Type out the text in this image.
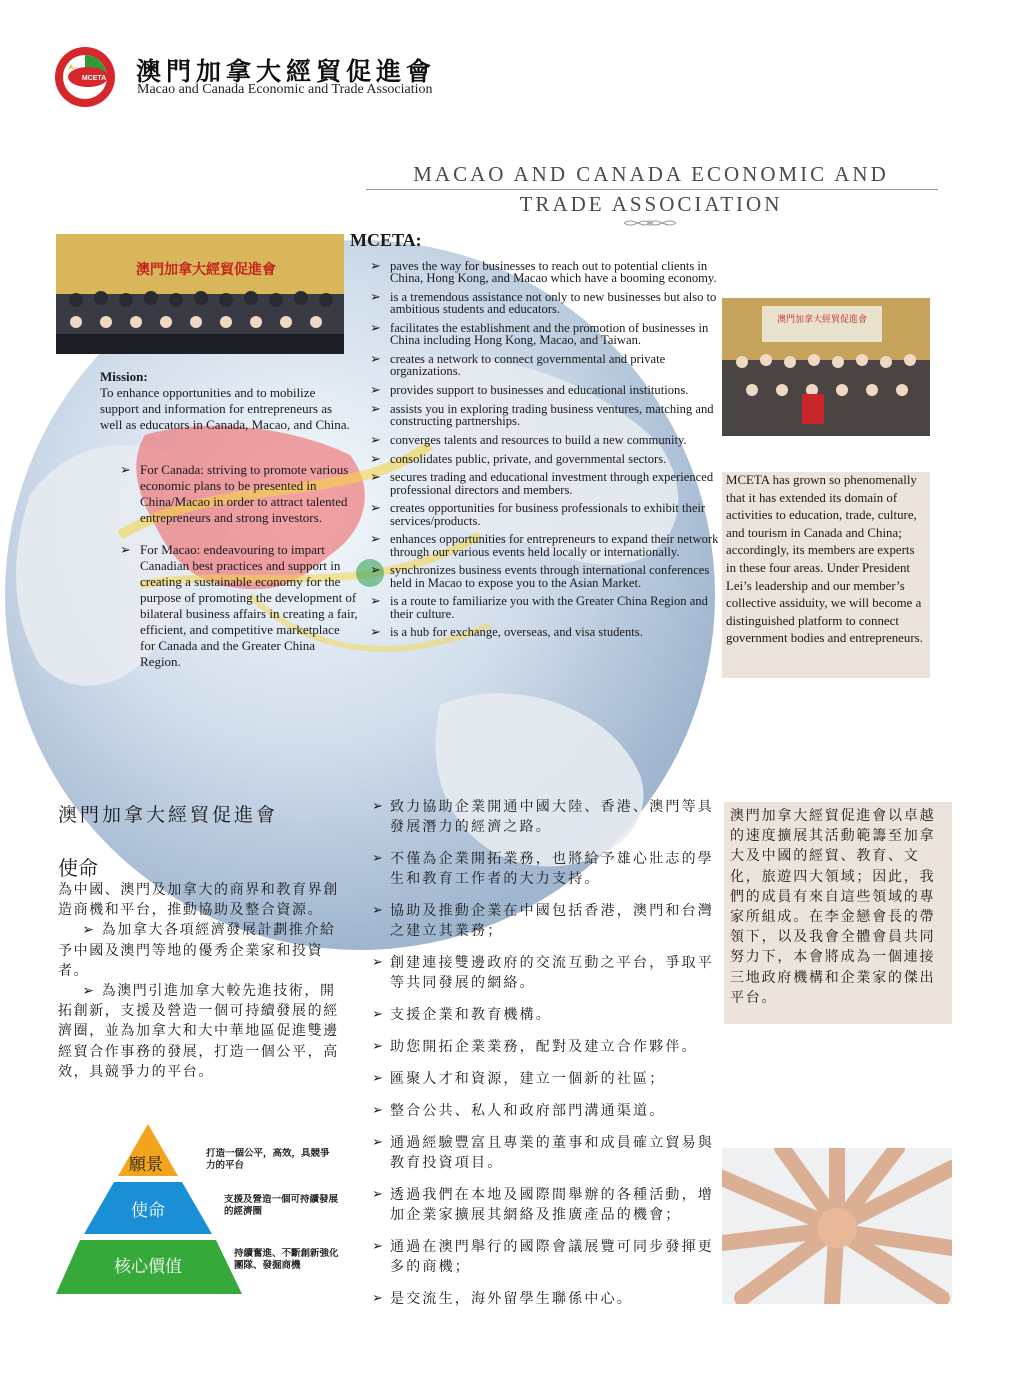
MCETA 澳門加拿大經貿促進會
Macao and Canada Economic and Trade Association
MACAO AND CANADA ECONOMIC AND
TRADE ASSOCIATION
澳門加拿大經貿促進會
澳門加拿大經貿促進會
MCETA:
Mission:
To enhance opportunities and to mobilize support and information for entrepreneurs as well as educators in Canada, Macao, and China.
➢ For Canada: striving to promote various economic plans to be presented in China/Macao in order to attract talented entrepreneurs and strong investors.
➢ For Macao: endeavouring to impart Canadian best practices and support in creating a sustainable economy for the purpose of promoting the development of bilateral business affairs in creating a fair, efficient, and competitive marketplace for Canada and the Greater China Region.
➢ paves the way for businesses to reach out to potential clients in China, Hong Kong, and Macao which have a booming economy.
➢ is a tremendous assistance not only to new businesses but also to ambitious students and educators.
➢ facilitates the establishment and the promotion of businesses in China including Hong Kong, Macao, and Taiwan.
➢ creates a network to connect governmental and private organizations.
➢ provides support to businesses and educational institutions.
➢ assists you in exploring trading business ventures, matching and constructing partnerships.
➢ converges talents and resources to build a new community.
➢ consolidates public, private, and governmental sectors.
➢ secures trading and educational investment through experienced professional directors and members.
➢ creates opportunities for business professionals to exhibit their services/products.
➢ enhances opportunities for entrepreneurs to expand their network through our various events held locally or internationally.
➢ synchronizes business events through international conferences held in Macao to expose you to the Asian Market.
➢ is a route to familiarize you with the Greater China Region and their culture.
➢ is a hub for exchange, overseas, and visa students.
MCETA has grown so phenomenally that it has extended its domain of activities to education, trade, culture, and tourism in Canada and China; accordingly, its members are experts in these four areas. Under President Lei’s leadership and our member’s collective assiduity, we will become a distinguished platform to connect government bodies and entrepreneurs.
澳門加拿大經貿促進會
使命

為中國、澳門及加拿大的商界和教育界創造商機和平台，推動協助及整合資源。

➢ 為加拿大各項經濟發展計劃推介給予中國及澳門等地的優秀企業家和投資者。

➢ 為澳門引進加拿大較先進技術，開拓創新，支援及營造一個可持續發展的經濟圈，並為加拿大和大中華地區促進雙邊經貿合作事務的發展，打造一個公平，高效，具競爭力的平台。

➢ 致力協助企業開通中國大陸、香港、澳門等具發展潛力的經濟之路。
➢ 不僅為企業開拓業務，也將給予雄心壯志的學生和教育工作者的大力支持。
➢ 協助及推動企業在中國包括香港，澳門和台灣之建立其業務；
➢ 創建連接雙邊政府的交流互動之平台，爭取平等共同發展的網絡。
➢ 支援企業和教育機構。
➢ 助您開拓企業業務，配對及建立合作夥伴。
➢ 匯聚人才和資源，建立一個新的社區；
➢ 整合公共、私人和政府部門溝通渠道。
➢ 通過經驗豐富且專業的董事和成員確立貿易與教育投資項目。
➢ 透過我們在本地及國際間舉辦的各種活動，增加企業家擴展其網絡及推廣產品的機會；
➢ 通過在澳門舉行的國際會議展覽可同步發揮更多的商機；
➢ 是交流生，海外留學生聯係中心。
澳門加拿大經貿促進會以卓越的速度擴展其活動範籌至加拿大及中國的經貿、教育、文化，旅遊四大領域；因此，我們的成員有來自這些領域的專家所組成。在李金戀會長的帶領下，以及我會全體會員共同努力下，本會將成為一個連接三地政府機構和企業家的傑出平台。
願景
使命
核心價值
打造一個公平，高效，具競爭力的平台
支援及營造一個可持續發展的經濟圈
持續奮進、不斷創新強化團隊、發掘商機
